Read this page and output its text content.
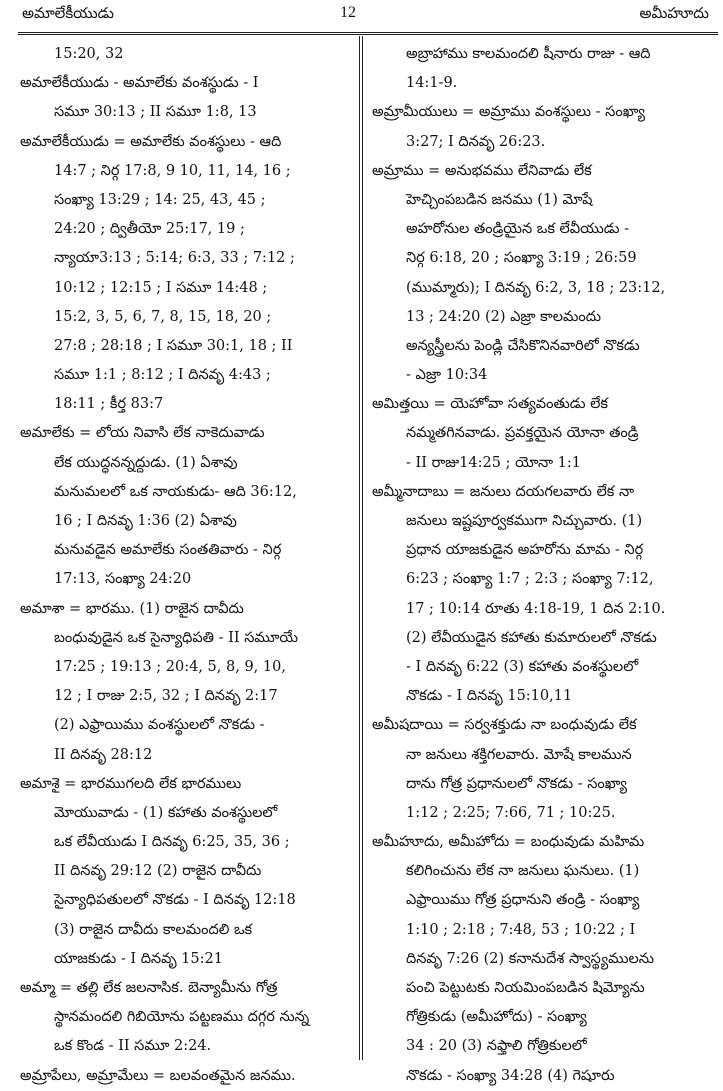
అమాలేకీయుడు	12	అమీహూదు
15:20, 32
అమాలేకీయుడు - అమాలేకు వంశస్థుడు - I
సమూ 30:13 ; II సమూ 1:8, 13
అమాలేకీయుడు = అమాలేకు వంశస్థులు - ఆది
14:7 ; నిర్గ 17:8, 9 10, 11, 14, 16 ;
సంఖ్యా 13:29 ; 14: 25, 43, 45 ;
24:20 ; ద్వితీయో 25:17, 19 ;
న్యాయా3:13 ; 5:14; 6:3, 33 ; 7:12 ;
10:12 ; 12:15 ; I సమూ 14:48 ;
15:2, 3, 5, 6, 7, 8, 15, 18, 20 ;
27:8 ; 28:18 ; I సమూ 30:1, 18 ; II
సమూ 1:1 ; 8:12 ; I దినవృ 4:43 ;
18:11 ; కీర్త 83:7
అమాలేకు = లోయ నివాసి లేక నాకెదువాడు
లేక యుద్ధనన్నద్దుడు. (1) ఏశావు
మనుమలలో ఒక నాయకుడు- ఆది 36:12,
16 ; I దినవృ 1:36 (2) ఏశావు
మనువడైన అమాలేకు సంతతివారు - నిర్గ
17:13, సంఖ్యా 24:20
అమాశా = భారము. (1) రాజైన దావీదు
బంధువుడైన ఒక సైన్యాధిపతి - II సమూయే
17:25 ; 19:13 ; 20:4, 5, 8, 9, 10,
12 ; I రాజు 2:5, 32 ; I దినవృ 2:17
(2) ఎఫ్రాయిము వంశస్థులలో నొకడు -
II దినవృ 28:12
అమాశై = భారముగలది లేక భారములు
మోయువాడు - (1) కహాతు వంశస్థులలో
ఒక లేవీయుడు I దినవృ 6:25, 35, 36 ;
II దినవృ 29:12 (2) రాజైన దావీదు
సైన్యాధిపతులలో నొకడు - I దినవృ 12:18
(3) రాజైన దావీదు కాలమందలి ఒక
యాజకుడు - I దినవృ 15:21
అమ్మా = తల్లి లేక జలనాసిక. బెన్యామీను గోత్ర
స్థానమందలి గిబియోను పట్టణము దగ్గర నున్న
ఒక కొండ - II సమూ 2:24.
అమ్రాపేలు, అమ్రామేలు = బలవంతమైన జనము.
అబ్రాహాము కాలమందలి షీనారు రాజు - ఆది
14:1-9.
అమ్రామీయులు = అమ్రాము వంశస్థులు - సంఖ్యా
3:27; I దినవృ 26:23.
అమ్రాము = అనుభవము లేనివాడు లేక
హెచ్చింపబడిన జనము (1) మోషే
అహరోనుల తండ్రియైన ఒక లేవీయుడు -
నిర్గ 6:18, 20 ; సంఖ్యా 3:19 ; 26:59
(ముమ్మారు); I దినవృ 6:2, 3, 18 ; 23:12,
13 ; 24:20 (2) ఎజ్రా కాలమందు
అన్యస్త్రీలను పెండ్లి చేసికొనినవారిలో నొకడు
- ఎజ్రా 10:34
అమిత్తయి = యెహోవా సత్యవంతుడు లేక
నమ్మతగినవాడు. ప్రవక్తయైన యోనా తండ్రి
- II రాజు14:25 ; యోనా 1:1
అమ్మీనాదాబు = జనులు దయగలవారు లేక నా
జనులు ఇష్టపూర్వకముగా నిచ్చువారు. (1)
ప్రధాన యాజకుడైన అహరోను మామ - నిర్గ
6:23 ; సంఖ్యా 1:7 ; 2:3 ; సంఖ్యా 7:12,
17 ; 10:14 రూతు 4:18-19, 1 దిన 2:10.
(2) లేవీయుడైన కహాతు కుమారులలో నొకడు
- I దినవృ 6:22 (3) కహాతు వంశస్థులలో
నొకడు - I దినవృ 15:10,11
అమీషదాయి = సర్వశక్తుడు నా బంధువుడు లేక
నా జనులు శక్తిగలవారు. మోషే కాలమున
దాను గోత్ర ప్రధానులలో నొకడు - సంఖ్యా
1:12 ; 2:25; 7:66, 71 ; 10:25.
అమీహూదు, అమీహోదు = బంధువుడు మహిమ
కలిగించును లేక నా జనులు ఘనులు. (1)
ఎఫ్రాయిము గోత్ర ప్రధానుని తండ్రి - సంఖ్యా
1:10 ; 2:18 ; 7:48, 53 ; 10:22 ; I
దినవృ 7:26 (2) కనానుదేశ స్వాస్థ్యములను
పంచి పెట్టుటకు నియమింపబడిన షిమ్యోను
గోత్రికుడు (అమీహోదు) - సంఖ్యా
34 : 20 (3) నఫ్తాలి గోత్రికులలో
నొకడు - సంఖ్యా 34:28 (4) గెషూరు
